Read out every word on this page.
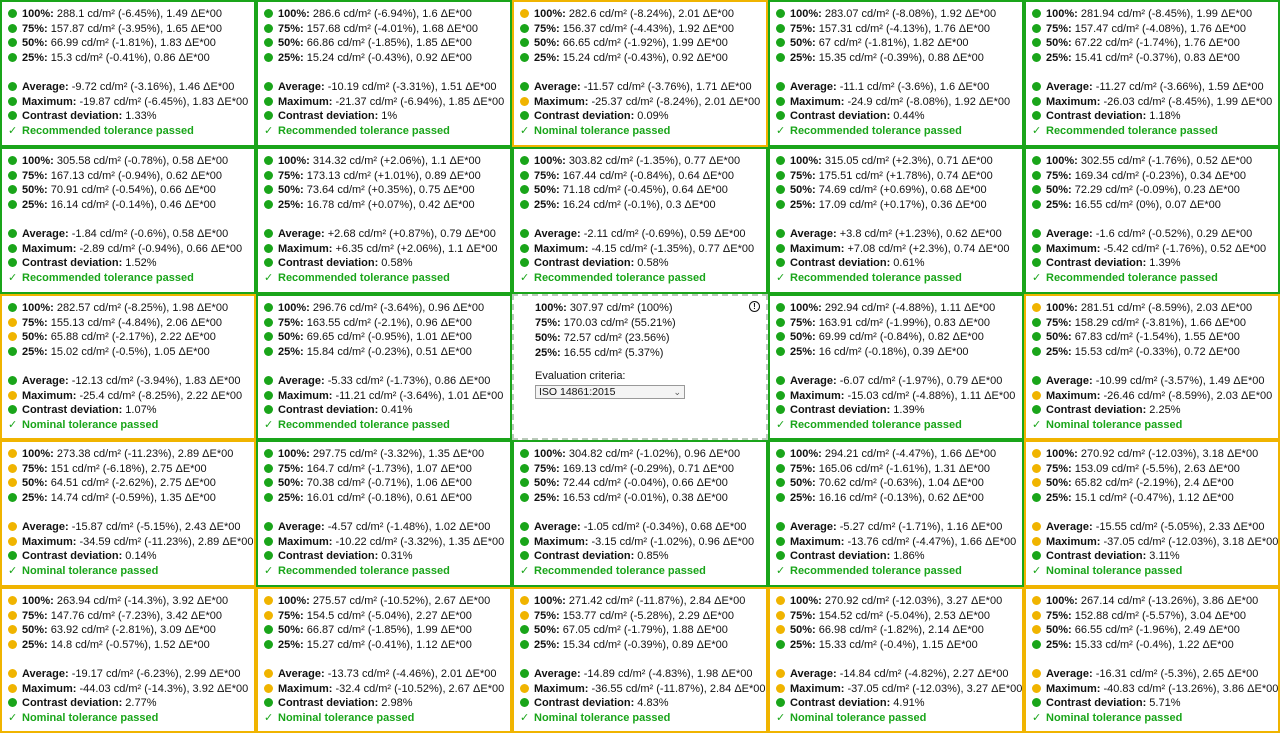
100%: 288.1 cd/m² (-6.45%), 1.49 ΔE*00
75%: 157.87 cd/m² (-3.95%), 1.65 ΔE*00
50%: 66.99 cd/m² (-1.81%), 1.83 ΔE*00
25%: 15.3 cd/m² (-0.41%), 0.86 ΔE*00
Average: -9.72 cd/m² (-3.16%), 1.46 ΔE*00
Maximum: -19.87 cd/m² (-6.45%), 1.83 ΔE*00
Contrast deviation: 1.33%
✓ Recommended tolerance passed
100%: 286.6 cd/m² (-6.94%), 1.6 ΔE*00
75%: 157.68 cd/m² (-4.01%), 1.68 ΔE*00
50%: 66.86 cd/m² (-1.85%), 1.85 ΔE*00
25%: 15.24 cd/m² (-0.43%), 0.92 ΔE*00
Average: -10.19 cd/m² (-3.31%), 1.51 ΔE*00
Maximum: -21.37 cd/m² (-6.94%), 1.85 ΔE*00
Contrast deviation: 1%
✓ Recommended tolerance passed
100%: 282.6 cd/m² (-8.24%), 2.01 ΔE*00
75%: 156.37 cd/m² (-4.43%), 1.92 ΔE*00
50%: 66.65 cd/m² (-1.92%), 1.99 ΔE*00
25%: 15.24 cd/m² (-0.43%), 0.92 ΔE*00
Average: -11.57 cd/m² (-3.76%), 1.71 ΔE*00
Maximum: -25.37 cd/m² (-8.24%), 2.01 ΔE*00
Contrast deviation: 0.09%
✓ Nominal tolerance passed
100%: 283.07 cd/m² (-8.08%), 1.92 ΔE*00
75%: 157.31 cd/m² (-4.13%), 1.76 ΔE*00
50%: 67 cd/m² (-1.81%), 1.82 ΔE*00
25%: 15.35 cd/m² (-0.39%), 0.88 ΔE*00
Average: -11.1 cd/m² (-3.6%), 1.6 ΔE*00
Maximum: -24.9 cd/m² (-8.08%), 1.92 ΔE*00
Contrast deviation: 0.44%
✓ Recommended tolerance passed
100%: 281.94 cd/m² (-8.45%), 1.99 ΔE*00
75%: 157.47 cd/m² (-4.08%), 1.76 ΔE*00
50%: 67.22 cd/m² (-1.74%), 1.76 ΔE*00
25%: 15.41 cd/m² (-0.37%), 0.83 ΔE*00
Average: -11.27 cd/m² (-3.66%), 1.59 ΔE*00
Maximum: -26.03 cd/m² (-8.45%), 1.99 ΔE*00
Contrast deviation: 1.18%
✓ Recommended tolerance passed
100%: 305.58 cd/m² (-0.78%), 0.58 ΔE*00
75%: 167.13 cd/m² (-0.94%), 0.62 ΔE*00
50%: 70.91 cd/m² (-0.54%), 0.66 ΔE*00
25%: 16.14 cd/m² (-0.14%), 0.46 ΔE*00
Average: -1.84 cd/m² (-0.6%), 0.58 ΔE*00
Maximum: -2.89 cd/m² (-0.94%), 0.66 ΔE*00
Contrast deviation: 1.52%
✓ Recommended tolerance passed
100%: 314.32 cd/m² (+2.06%), 1.1 ΔE*00
75%: 173.13 cd/m² (+1.01%), 0.89 ΔE*00
50%: 73.64 cd/m² (+0.35%), 0.75 ΔE*00
25%: 16.78 cd/m² (+0.07%), 0.42 ΔE*00
Average: +2.68 cd/m² (+0.87%), 0.79 ΔE*00
Maximum: +6.35 cd/m² (+2.06%), 1.1 ΔE*00
Contrast deviation: 0.58%
✓ Recommended tolerance passed
100%: 303.82 cd/m² (-1.35%), 0.77 ΔE*00
75%: 167.44 cd/m² (-0.84%), 0.64 ΔE*00
50%: 71.18 cd/m² (-0.45%), 0.64 ΔE*00
25%: 16.24 cd/m² (-0.1%), 0.3 ΔE*00
Average: -2.11 cd/m² (-0.69%), 0.59 ΔE*00
Maximum: -4.15 cd/m² (-1.35%), 0.77 ΔE*00
Contrast deviation: 0.58%
✓ Recommended tolerance passed
100%: 315.05 cd/m² (+2.3%), 0.71 ΔE*00
75%: 175.51 cd/m² (+1.78%), 0.74 ΔE*00
50%: 74.69 cd/m² (+0.69%), 0.68 ΔE*00
25%: 17.09 cd/m² (+0.17%), 0.36 ΔE*00
Average: +3.8 cd/m² (+1.23%), 0.62 ΔE*00
Maximum: +7.08 cd/m² (+2.3%), 0.74 ΔE*00
Contrast deviation: 0.61%
✓ Recommended tolerance passed
100%: 302.55 cd/m² (-1.76%), 0.52 ΔE*00
75%: 169.34 cd/m² (-0.23%), 0.34 ΔE*00
50%: 72.29 cd/m² (-0.09%), 0.23 ΔE*00
25%: 16.55 cd/m² (0%), 0.07 ΔE*00
Average: -1.6 cd/m² (-0.52%), 0.29 ΔE*00
Maximum: -5.42 cd/m² (-1.76%), 0.52 ΔE*00
Contrast deviation: 1.39%
✓ Recommended tolerance passed
100%: 282.57 cd/m² (-8.25%), 1.98 ΔE*00
75%: 155.13 cd/m² (-4.84%), 2.06 ΔE*00
50%: 65.88 cd/m² (-2.17%), 2.22 ΔE*00
25%: 15.02 cd/m² (-0.5%), 1.05 ΔE*00
Average: -12.13 cd/m² (-3.94%), 1.83 ΔE*00
Maximum: -25.4 cd/m² (-8.25%), 2.22 ΔE*00
Contrast deviation: 1.07%
✓ Nominal tolerance passed
100%: 296.76 cd/m² (-3.64%), 0.96 ΔE*00
75%: 163.55 cd/m² (-2.1%), 0.96 ΔE*00
50%: 69.65 cd/m² (-0.95%), 1.01 ΔE*00
25%: 15.84 cd/m² (-0.23%), 0.51 ΔE*00
Average: -5.33 cd/m² (-1.73%), 0.86 ΔE*00
Maximum: -11.21 cd/m² (-3.64%), 1.01 ΔE*00
Contrast deviation: 0.41%
✓ Recommended tolerance passed
!
100%: 307.97 cd/m² (100%)
75%: 170.03 cd/m² (55.21%)
50%: 72.57 cd/m² (23.56%)
25%: 16.55 cd/m² (5.37%)
Evaluation criteria:
ISO 14861:2015	⌄
100%: 292.94 cd/m² (-4.88%), 1.11 ΔE*00
75%: 163.91 cd/m² (-1.99%), 0.83 ΔE*00
50%: 69.99 cd/m² (-0.84%), 0.82 ΔE*00
25%: 16 cd/m² (-0.18%), 0.39 ΔE*00
Average: -6.07 cd/m² (-1.97%), 0.79 ΔE*00
Maximum: -15.03 cd/m² (-4.88%), 1.11 ΔE*00
Contrast deviation: 1.39%
✓ Recommended tolerance passed
100%: 281.51 cd/m² (-8.59%), 2.03 ΔE*00
75%: 158.29 cd/m² (-3.81%), 1.66 ΔE*00
50%: 67.83 cd/m² (-1.54%), 1.55 ΔE*00
25%: 15.53 cd/m² (-0.33%), 0.72 ΔE*00
Average: -10.99 cd/m² (-3.57%), 1.49 ΔE*00
Maximum: -26.46 cd/m² (-8.59%), 2.03 ΔE*00
Contrast deviation: 2.25%
✓ Nominal tolerance passed
100%: 273.38 cd/m² (-11.23%), 2.89 ΔE*00
75%: 151 cd/m² (-6.18%), 2.75 ΔE*00
50%: 64.51 cd/m² (-2.62%), 2.75 ΔE*00
25%: 14.74 cd/m² (-0.59%), 1.35 ΔE*00
Average: -15.87 cd/m² (-5.15%), 2.43 ΔE*00
Maximum: -34.59 cd/m² (-11.23%), 2.89 ΔE*00
Contrast deviation: 0.14%
✓ Nominal tolerance passed
100%: 297.75 cd/m² (-3.32%), 1.35 ΔE*00
75%: 164.7 cd/m² (-1.73%), 1.07 ΔE*00
50%: 70.38 cd/m² (-0.71%), 1.06 ΔE*00
25%: 16.01 cd/m² (-0.18%), 0.61 ΔE*00
Average: -4.57 cd/m² (-1.48%), 1.02 ΔE*00
Maximum: -10.22 cd/m² (-3.32%), 1.35 ΔE*00
Contrast deviation: 0.31%
✓ Recommended tolerance passed
100%: 304.82 cd/m² (-1.02%), 0.96 ΔE*00
75%: 169.13 cd/m² (-0.29%), 0.71 ΔE*00
50%: 72.44 cd/m² (-0.04%), 0.66 ΔE*00
25%: 16.53 cd/m² (-0.01%), 0.38 ΔE*00
Average: -1.05 cd/m² (-0.34%), 0.68 ΔE*00
Maximum: -3.15 cd/m² (-1.02%), 0.96 ΔE*00
Contrast deviation: 0.85%
✓ Recommended tolerance passed
100%: 294.21 cd/m² (-4.47%), 1.66 ΔE*00
75%: 165.06 cd/m² (-1.61%), 1.31 ΔE*00
50%: 70.62 cd/m² (-0.63%), 1.04 ΔE*00
25%: 16.16 cd/m² (-0.13%), 0.62 ΔE*00
Average: -5.27 cd/m² (-1.71%), 1.16 ΔE*00
Maximum: -13.76 cd/m² (-4.47%), 1.66 ΔE*00
Contrast deviation: 1.86%
✓ Recommended tolerance passed
100%: 270.92 cd/m² (-12.03%), 3.18 ΔE*00
75%: 153.09 cd/m² (-5.5%), 2.63 ΔE*00
50%: 65.82 cd/m² (-2.19%), 2.4 ΔE*00
25%: 15.1 cd/m² (-0.47%), 1.12 ΔE*00
Average: -15.55 cd/m² (-5.05%), 2.33 ΔE*00
Maximum: -37.05 cd/m² (-12.03%), 3.18 ΔE*00
Contrast deviation: 3.11%
✓ Nominal tolerance passed
100%: 263.94 cd/m² (-14.3%), 3.92 ΔE*00
75%: 147.76 cd/m² (-7.23%), 3.42 ΔE*00
50%: 63.92 cd/m² (-2.81%), 3.09 ΔE*00
25%: 14.8 cd/m² (-0.57%), 1.52 ΔE*00
Average: -19.17 cd/m² (-6.23%), 2.99 ΔE*00
Maximum: -44.03 cd/m² (-14.3%), 3.92 ΔE*00
Contrast deviation: 2.77%
✓ Nominal tolerance passed
100%: 275.57 cd/m² (-10.52%), 2.67 ΔE*00
75%: 154.5 cd/m² (-5.04%), 2.27 ΔE*00
50%: 66.87 cd/m² (-1.85%), 1.99 ΔE*00
25%: 15.27 cd/m² (-0.41%), 1.12 ΔE*00
Average: -13.73 cd/m² (-4.46%), 2.01 ΔE*00
Maximum: -32.4 cd/m² (-10.52%), 2.67 ΔE*00
Contrast deviation: 2.98%
✓ Nominal tolerance passed
100%: 271.42 cd/m² (-11.87%), 2.84 ΔE*00
75%: 153.77 cd/m² (-5.28%), 2.29 ΔE*00
50%: 67.05 cd/m² (-1.79%), 1.88 ΔE*00
25%: 15.34 cd/m² (-0.39%), 0.89 ΔE*00
Average: -14.89 cd/m² (-4.83%), 1.98 ΔE*00
Maximum: -36.55 cd/m² (-11.87%), 2.84 ΔE*00
Contrast deviation: 4.83%
✓ Nominal tolerance passed
100%: 270.92 cd/m² (-12.03%), 3.27 ΔE*00
75%: 154.52 cd/m² (-5.04%), 2.53 ΔE*00
50%: 66.98 cd/m² (-1.82%), 2.14 ΔE*00
25%: 15.33 cd/m² (-0.4%), 1.15 ΔE*00
Average: -14.84 cd/m² (-4.82%), 2.27 ΔE*00
Maximum: -37.05 cd/m² (-12.03%), 3.27 ΔE*00
Contrast deviation: 4.91%
✓ Nominal tolerance passed
100%: 267.14 cd/m² (-13.26%), 3.86 ΔE*00
75%: 152.88 cd/m² (-5.57%), 3.04 ΔE*00
50%: 66.55 cd/m² (-1.96%), 2.49 ΔE*00
25%: 15.33 cd/m² (-0.4%), 1.22 ΔE*00
Average: -16.31 cd/m² (-5.3%), 2.65 ΔE*00
Maximum: -40.83 cd/m² (-13.26%), 3.86 ΔE*00
Contrast deviation: 5.71%
✓ Nominal tolerance passed
